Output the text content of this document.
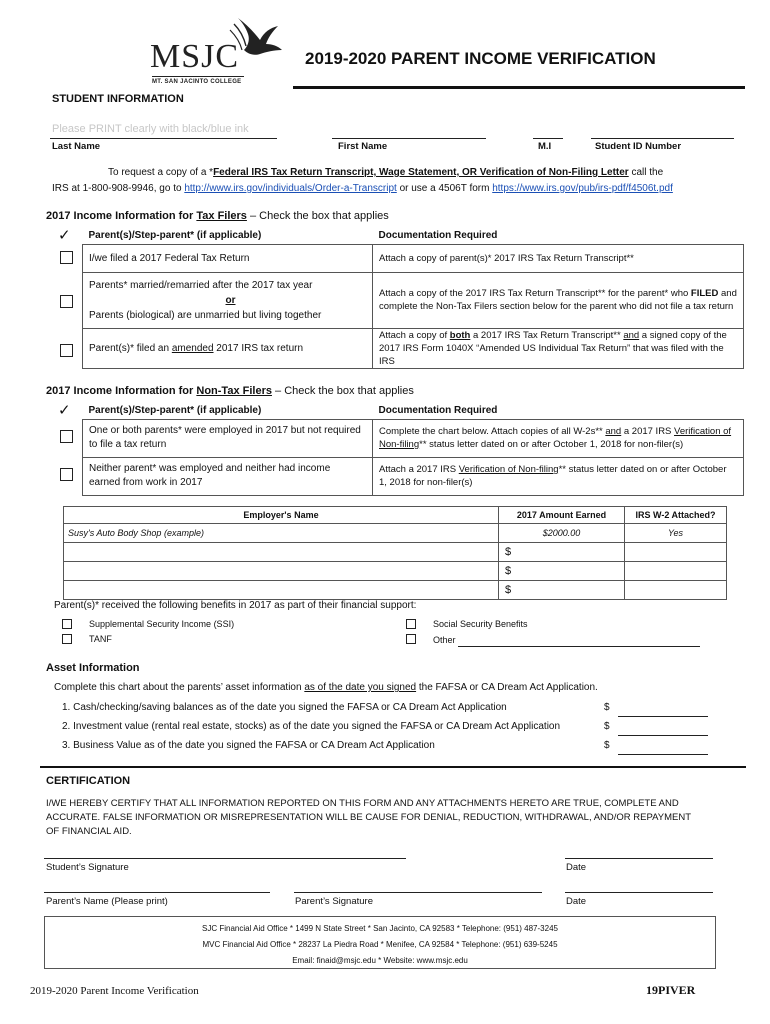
MSJC
MT. SAN JACINTO COLLEGE
2019-2020 PARENT INCOME VERIFICATION
STUDENT INFORMATION
Please PRINT clearly with black/blue ink
Last Name	First Name	M.I	Student ID Number
To request a copy of a *Federal IRS Tax Return Transcript, Wage Statement, OR Verification of Non-Filing Letter call the
IRS at 1-800-908-9946, go to http://www.irs.gov/individuals/Order-a-Transcript or use a 4506T form https://www.irs.gov/pub/irs-pdf/f4506t.pdf
2017 Income Information for Tax Filers – Check the box that applies
✓ Parent(s)/Step-parent* (if applicable)	Documentation Required
I/we filed a 2017 Federal Tax Return	Attach a copy of parent(s)* 2017 IRS Tax Return Transcript**

Parents* married/remarried after the 2017 tax year
or
Parents (biological) are unmarried but living together	Attach a copy of the 2017 IRS Tax Return Transcript** for the parent* who FILED and complete the Non-Tax Filers section below for the parent who did not file a tax return
Parent(s)* filed an amended 2017 IRS tax return	Attach a copy of both a 2017 IRS Tax Return Transcript** and a signed copy of the 2017 IRS Form 1040X “Amended US Individual Tax Return” that was filed with the IRS
2017 Income Information for Non-Tax Filers – Check the box that applies
✓ Parent(s)/Step-parent* (if applicable)	Documentation Required
One or both parents* were employed in 2017 but not required to file a tax return	Complete the chart below. Attach copies of all W-2s** and a 2017 IRS Verification of Non-filing** status letter dated on or after October 1, 2018 for non-filer(s)
Neither parent* was employed and neither had income earned from work in 2017	Attach a 2017 IRS Verification of Non-filing** status letter dated on or after October 1, 2018 for non-filer(s)
Employer's Name	2017 Amount Earned	IRS W-2 Attached?
Susy's Auto Body Shop (example)	$2000.00	Yes
	$	
	$	
	$	
Parent(s)* received the following benefits in 2017 as part of their financial support:
Supplemental Security Income (SSI)
TANF
Social Security Benefits
Other
Asset Information
Complete this chart about the parents’ asset information as of the date you signed the FAFSA or CA Dream Act Application.
1. Cash/checking/saving balances as of the date you signed the FAFSA or CA Dream Act Application
2. Investment value (rental real estate, stocks) as of the date you signed the FAFSA or CA Dream Act Application
3. Business Value as of the date you signed the FAFSA or CA Dream Act Application
$
$
$
CERTIFICATION
I/WE HEREBY CERTIFY THAT ALL INFORMATION REPORTED ON THIS FORM AND ANY ATTACHMENTS HERETO ARE TRUE, COMPLETE AND ACCURATE. FALSE INFORMATION OR MISREPRESENTATION WILL BE CAUSE FOR DENIAL, REDUCTION, WITHDRAWAL, AND/OR REPAYMENT OF FINANCIAL AID.
Student’s Signature	Date
Parent’s Name (Please print)	Parent’s Signature	Date
SJC Financial Aid Office * 1499 N State Street * San Jacinto, CA 92583 * Telephone: (951) 487-3245
MVC Financial Aid Office * 28237 La Piedra Road * Menifee, CA 92584 * Telephone: (951) 639-5245
Email: finaid@msjc.edu * Website: www.msjc.edu
2019-2020 Parent Income Verification	19PIVER
